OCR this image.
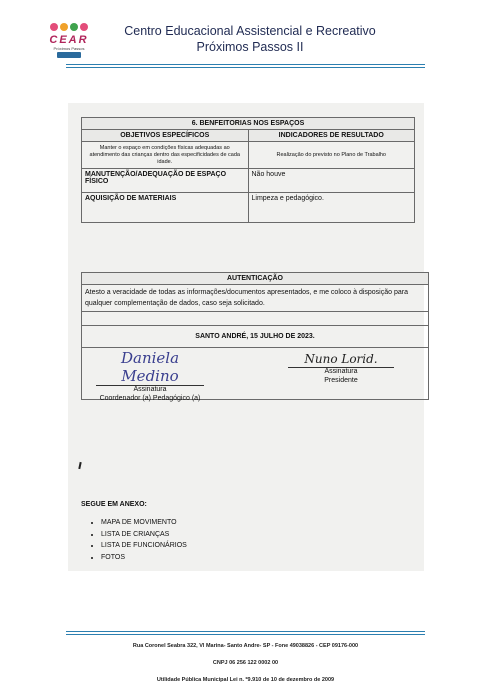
CEAR
Próximos Passos
Centro Educacional Assistencial e Recreativo
Próximos Passos II
6. BENFEITORIAS NOS ESPAÇOS	
OBJETIVOS ESPECÍFICOS	INDICADORES DE RESULTADO
Manter o espaço em condições físicas adequadas ao atendimento das crianças dentro das especificidades de cada idade.	Realização do previsto no Plano de Trabalho
MANUTENÇÃO/ADEQUAÇÃO DE ESPAÇO FÍSICO	Não houve
AQUISIÇÃO DE MATERIAIS	Limpeza e pedagógico.
AUTENTICAÇÃO
Atesto a veracidade de todas as informações/documentos apresentados, e me coloco à disposição para qualquer complementação de dados, caso seja solicitado.

SANTO ANDRÉ, 15 JULHO DE 2023.

Daniela Medino
Assinatura
Coordenador (a) Pedagógico (a)
Nuno Lorid.
Assinatura
Presidente
SEGUE EM ANEXO:
• MAPA DE MOVIMENTO
• LISTA DE CRIANÇAS
• LISTA DE FUNCIONÁRIOS
• FOTOS
Rua Coronel Seabra 322, Vl Marina- Santo Andre- SP - Fone 49038826 - CEP 09176-000
CNPJ 06 256 122 0002 00
Utilidade Pública Municipal Lei n. º9.910 de 10 de dezembro de 2009
